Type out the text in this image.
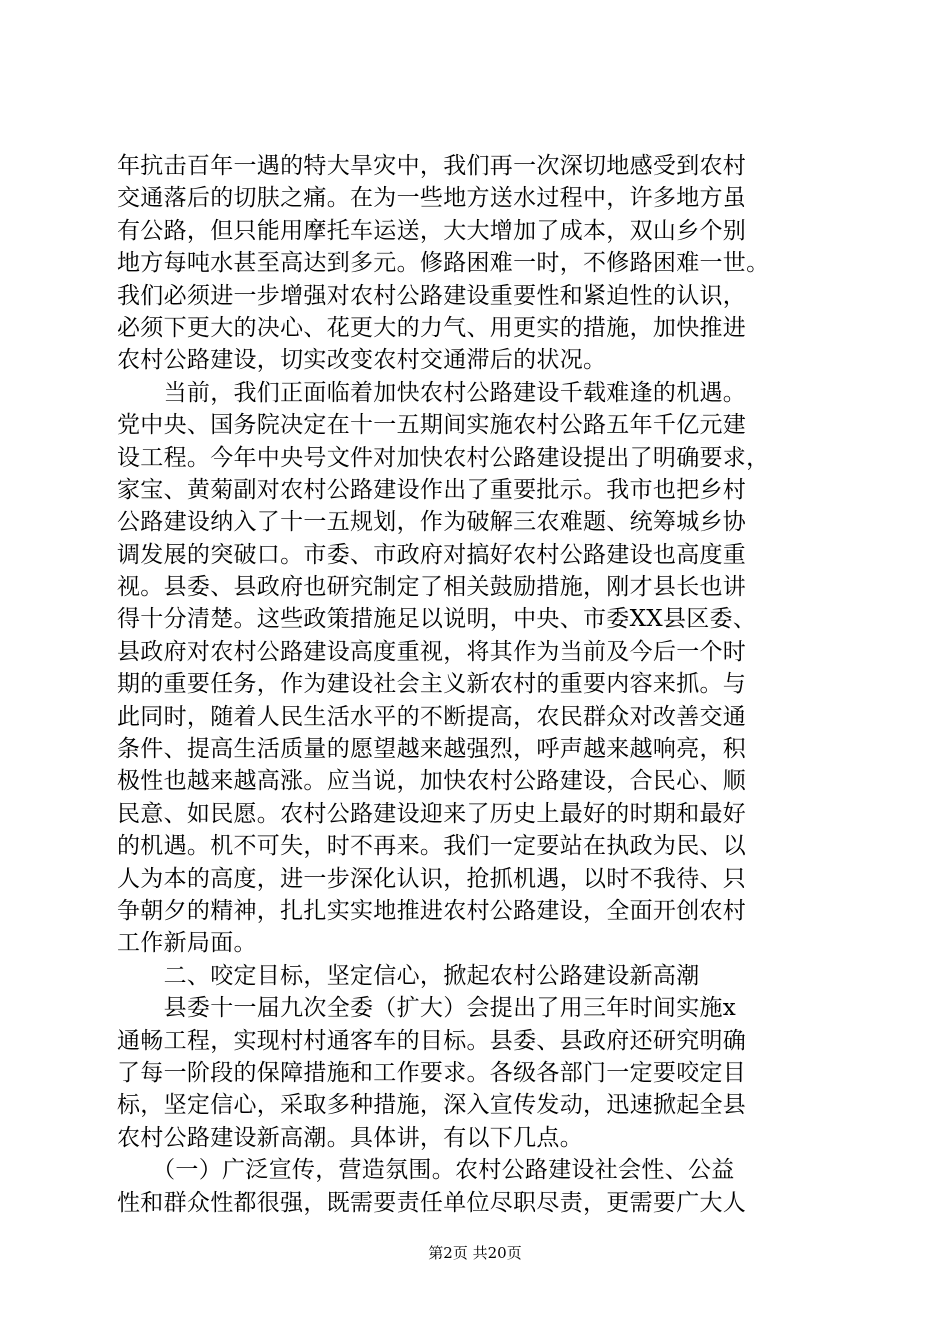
年抗击百年一遇的特大旱灾中，我们再一次深切地感受到农村
交通落后的切肤之痛。在为一些地方送水过程中，许多地方虽
有公路，但只能用摩托车运送，大大增加了成本，双山乡个别
地方每吨水甚至高达到多元。修路困难一时，不修路困难一世。
我们必须进一步增强对农村公路建设重要性和紧迫性的认识，
必须下更大的决心、花更大的力气、用更实的措施，加快推进
农村公路建设，切实改变农村交通滞后的状况。
　　当前，我们正面临着加快农村公路建设千载难逢的机遇。
党中央、国务院决定在十一五期间实施农村公路五年千亿元建
设工程。今年中央号文件对加快农村公路建设提出了明确要求，
家宝、黄菊副对农村公路建设作出了重要批示。我市也把乡村
公路建设纳入了十一五规划，作为破解三农难题、统筹城乡协
调发展的突破口。市委、市政府对搞好农村公路建设也高度重
视。县委、县政府也研究制定了相关鼓励措施，刚才县长也讲
得十分清楚。这些政策措施足以说明，中央、市委XX县区委、
县政府对农村公路建设高度重视，将其作为当前及今后一个时
期的重要任务，作为建设社会主义新农村的重要内容来抓。与
此同时，随着人民生活水平的不断提高，农民群众对改善交通
条件、提高生活质量的愿望越来越强烈，呼声越来越响亮，积
极性也越来越高涨。应当说，加快农村公路建设，合民心、顺
民意、如民愿。农村公路建设迎来了历史上最好的时期和最好
的机遇。机不可失，时不再来。我们一定要站在执政为民、以
人为本的高度，进一步深化认识，抢抓机遇，以时不我待、只
争朝夕的精神，扎扎实实地推进农村公路建设，全面开创农村
工作新局面。
　　二、咬定目标，坚定信心，掀起农村公路建设新高潮
　　县委十一届九次全委（扩大）会提出了用三年时间实施x
通畅工程，实现村村通客车的目标。县委、县政府还研究明确
了每一阶段的保障措施和工作要求。各级各部门一定要咬定目
标，坚定信心，采取多种措施，深入宣传发动，迅速掀起全县
农村公路建设新高潮。具体讲，有以下几点。
　　（一）广泛宣传，营造氛围。农村公路建设社会性、公益
性和群众性都很强，既需要责任单位尽职尽责，更需要广大人
第2页 共20页
